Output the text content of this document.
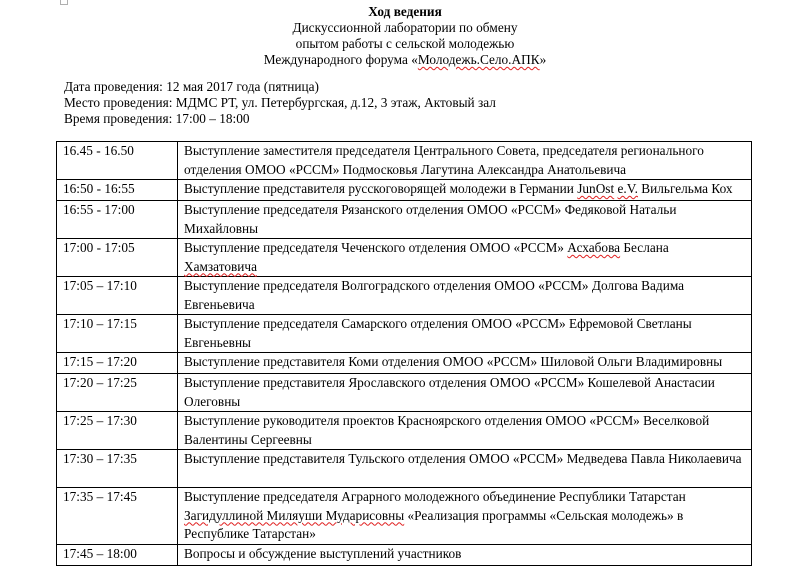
Ход ведения
Дискуссионной лаборатории по обмену
опытом работы с сельской молодежью
Международного форума «Молодежь.Село.АПК»
Дата проведения: 12 мая 2017 года (пятница)
Место проведения: МДМС РТ, ул. Петербургская, д.12, 3 этаж, Актовый зал
Время проведения: 17:00 – 18:00
16.45 - 16.50	Выступление заместителя председателя Центрального Совета, председателя регионального отделения ОМОО «РССМ» Подмосковья Лагутина Александра Анатольевича
16:50 - 16:55	Выступление представителя русскоговорящей молодежи в Германии JunOst e.V. Вильгельма Кох
16:55 - 17:00	Выступление председателя Рязанского отделения ОМОО «РССМ» Федяковой Натальи Михайловны
17:00 - 17:05	Выступление председателя Чеченского отделения ОМОО «РССМ» Асхабова Беслана Хамзатовича
17:05 – 17:10	Выступление председателя Волгоградского отделения ОМОО «РССМ» Долгова Вадима Евгеньевича
17:10 – 17:15	Выступление председателя Самарского отделения ОМОО «РССМ» Ефремовой Светланы Евгеньевны
17:15 – 17:20	Выступление представителя Коми отделения ОМОО «РССМ» Шиловой Ольги Владимировны
17:20 – 17:25	Выступление представителя Ярославского отделения ОМОО «РССМ» Кошелевой Анастасии Олеговны
17:25 – 17:30	Выступление руководителя проектов Красноярского отделения ОМОО «РССМ» Веселковой Валентины Сергеевны
17:30 – 17:35	Выступление представителя Тульского отделения ОМОО «РССМ» Медведева Павла Николаевича
17:35 – 17:45	Выступление председателя Аграрного молодежного объединение Республики Татарстан Загидуллиной Миляуши Мударисовны «Реализация программы «Сельская молодежь» в Республике Татарстан»
17:45 – 18:00	Вопросы и обсуждение выступлений участников
